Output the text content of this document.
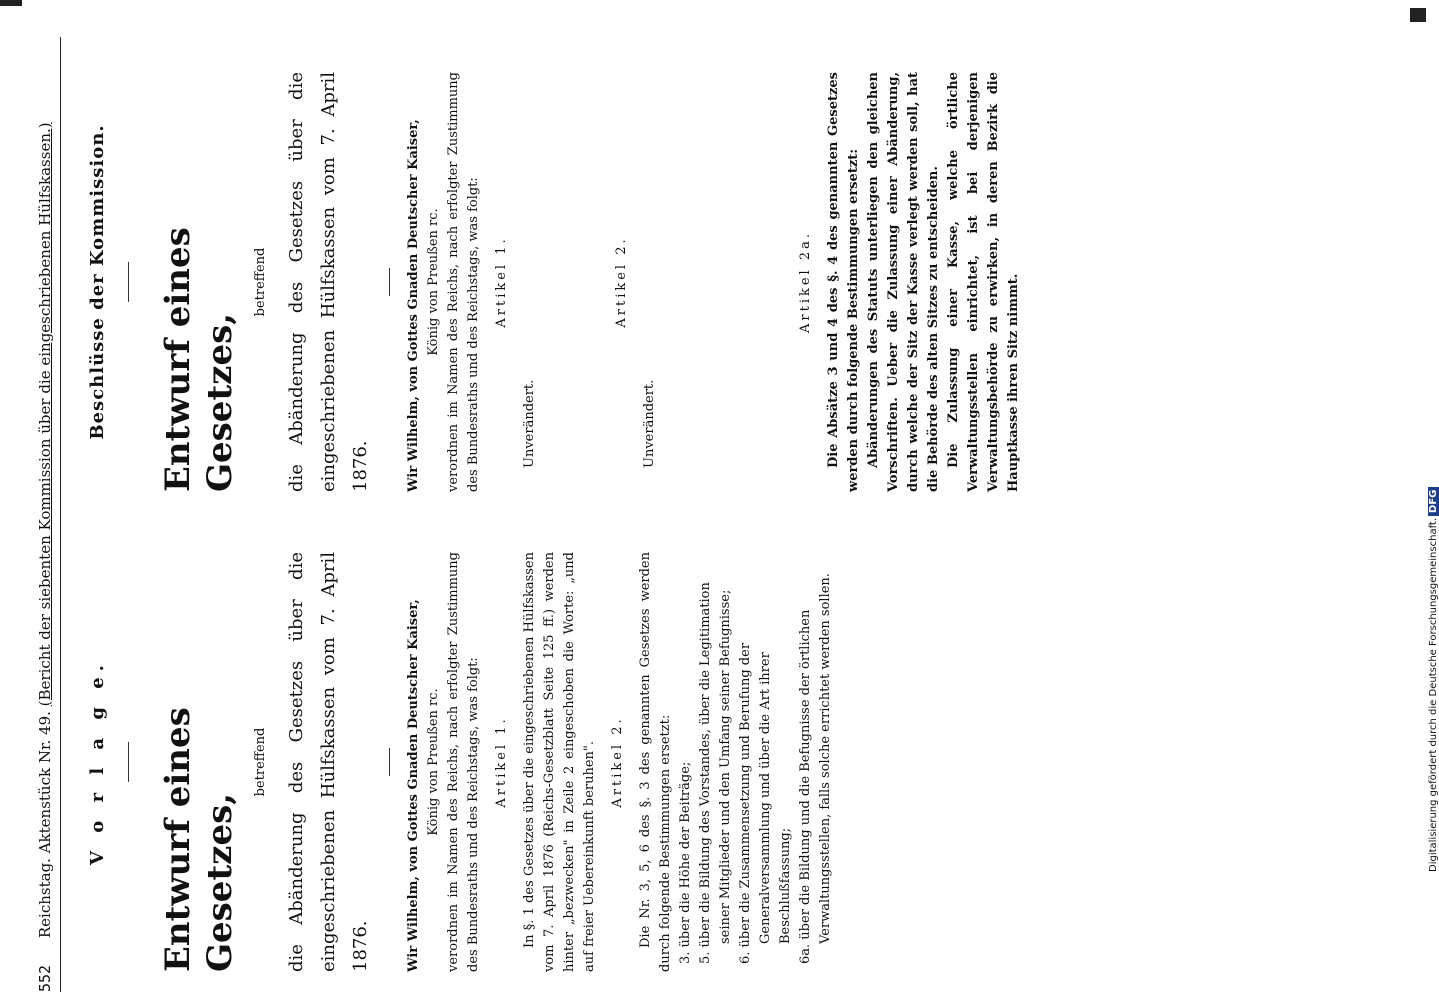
552 Reichstag. Aktenstück Nr. 49. (Bericht der siebenten Kommission über die eingeschriebenen Hülfskassen.)
V o r l a g e.	Entwurf eines Gesetzes,
betreffend die Abänderung des Gesetzes über die eingeschriebenen Hülfskassen vom 7. April 1876.	Wir Wilhelm, von Gottes Gnaden Deutscher Kaiser, König von Preußen rc. verordnen im Namen des Reichs, nach erfolgter Zustimmung des Bundesraths und des Reichstags, was folgt: Artikel 1. In §. 1 des Gesetzes über die eingeschriebenen Hülfskassen vom 7. April 1876 (Reichs-Gesetzblatt Seite 125 ff.) werden hinter „bezwecken" in Zeile 2 eingeschoben die Worte: „und auf freier Uebereinkunft beruhen". Artikel 2. Die Nr. 3, 5, 6 des §. 3 des genannten Gesetzes werden durch folgende Bestimmungen ersetzt: 3. über die Höhe der Beiträge; 5. über die Bildung des Vorstandes, über die Legitimation seiner Mitglieder und den Umfang seiner Befugnisse; 6. über die Zusammensetzung und Berufung der Generalversammlung und über die Art ihrer Beschlußfassung; 6a. über die Bildung und die Befugnisse der örtlichen Verwaltungsstellen, falls solche errichtet werden sollen.

Beschlüsse der Kommission.	Entwurf eines Gesetzes,
betreffend die Abänderung des Gesetzes über die eingeschriebenen Hülfskassen vom 7. April 1876.	Wir Wilhelm, von Gottes Gnaden Deutscher Kaiser, König von Preußen rc. verordnen im Namen des Reichs, nach erfolgter Zustimmung des Bundesraths und des Reichstags, was folgt: Artikel 1.

Unverändert.

Artikel 2.

Unverändert.

Artikel 2a. Die Absätze 3 und 4 des §. 4 des genannten Gesetzes werden durch folgende Bestimmungen ersetzt: Abänderungen des Statuts unterliegen den gleichen Vorschriften. Ueber die Zulassung einer Abänderung, durch welche der Sitz der Kasse verlegt werden soll, hat die Behörde des alten Sitzes zu entscheiden. Die Zulassung einer Kasse, welche örtliche Verwaltungsstellen einrichtet, ist bei derjenigen Verwaltungsbehörde zu erwirken, in deren Bezirk die Hauptkasse ihren Sitz nimmt.

Digitalisierung gefördert durch die Deutsche Forschungsgemeinschaft.DFG
